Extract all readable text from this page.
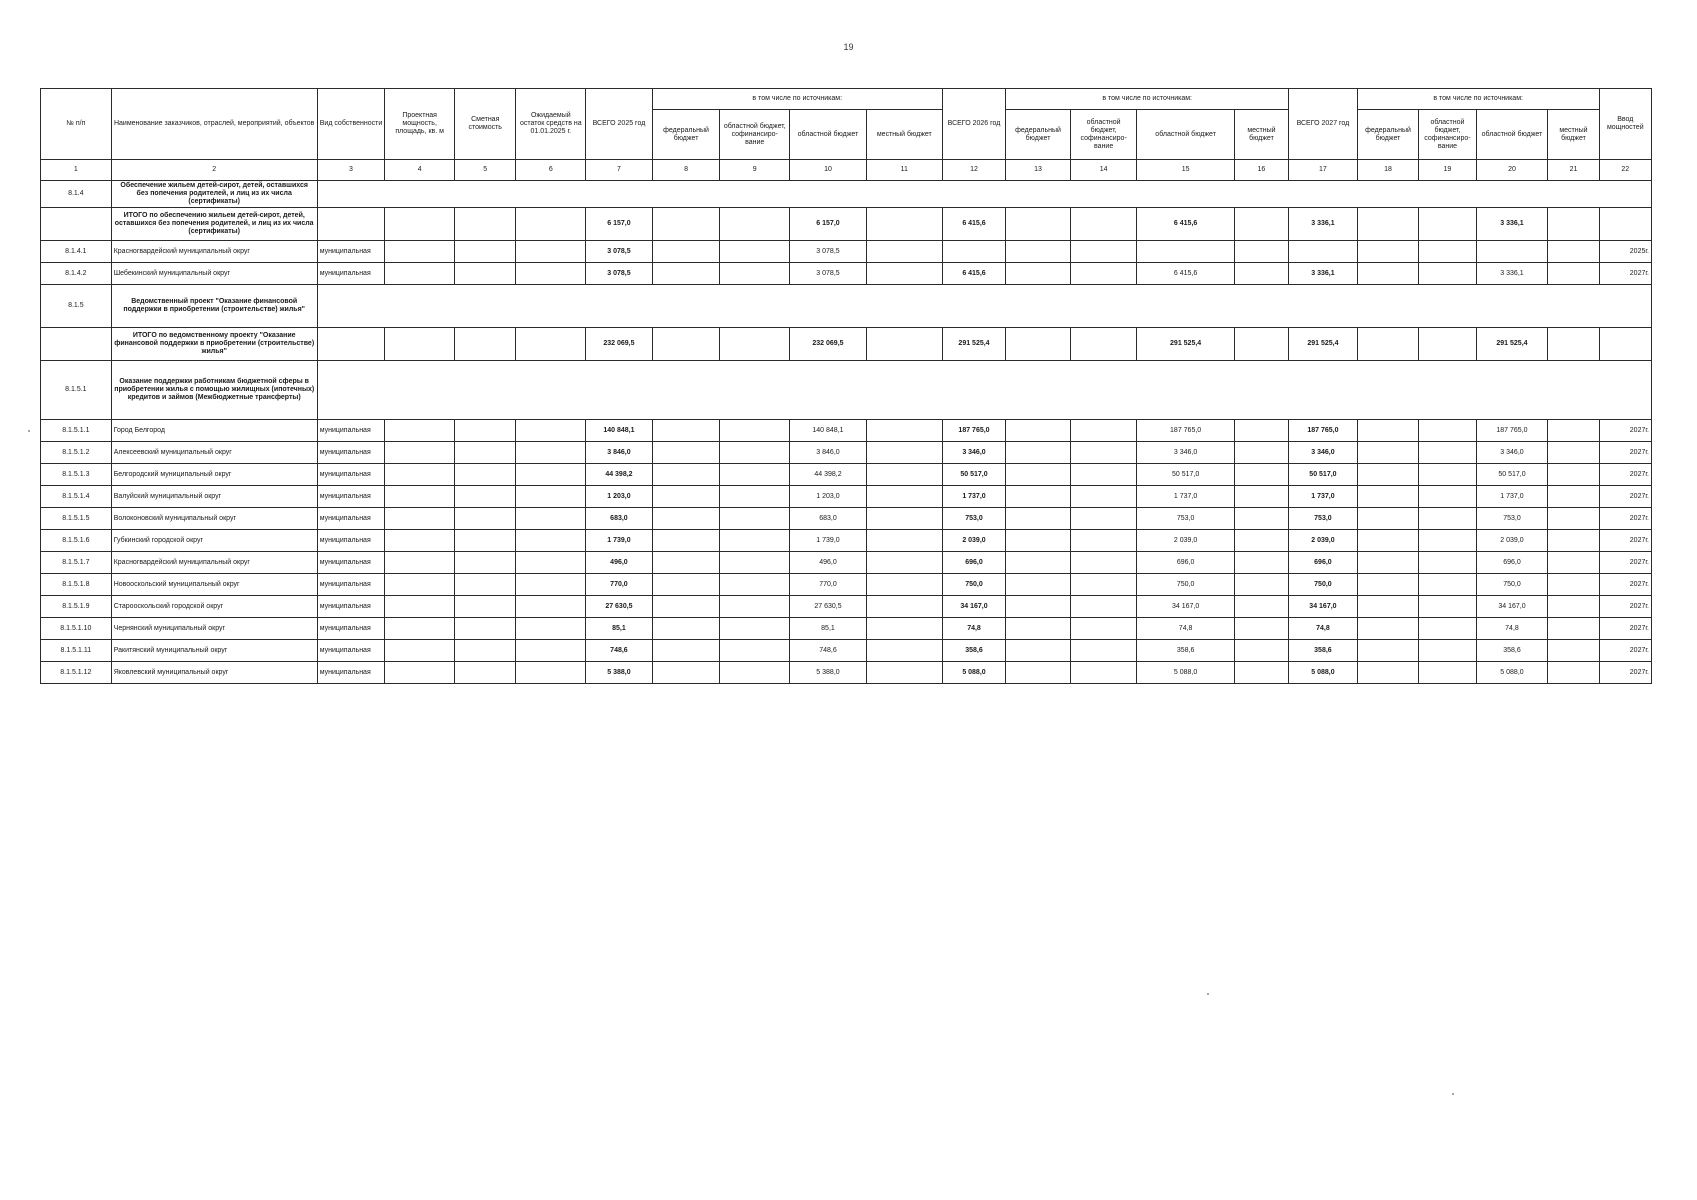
19
№ п/п	Наименование заказчиков, отраслей, мероприятий, объектов	Вид собственности	Проектная мощность, площадь, кв. м	Сметная стоимость	Ожидаемый остаток средств на 01.01.2025 г.	ВСЕГО 2025 год	в том числе по источникам:				ВСЕГО 2026 год	в том числе по источникам:				ВСЕГО 2027 год	в том числе по источникам:				Ввод мощностей
							федеральный бюджет	областной бюджет, софинансиро-вание	областной бюджет	местный бюджет		федеральный бюджет	областной бюджет, софинансиро-вание	областной бюджет	местный бюджет		федеральный бюджет	областной бюджет, софинансиро-вание	областной бюджет	местный бюджет	
1	2	3	4	5	6	7	8	9	10	11	12	13	14	15	16	17	18	19	20	21	22
8.1.4	Обеспечение жильем детей-сирот, детей, оставшихся без попечения родителей, и лиц из их числа (сертификаты)																				
	ИТОГО по обеспечению жильем детей-сирот, детей, оставшихся без попечения родителей, и лиц из их числа (сертификаты)					6 157,0			6 157,0		6 415,6			6 415,6		3 336,1			3 336,1		
8.1.4.1	Красногвардейский муниципальный округ	муниципальная				3 078,5			3 078,5												2025г.
8.1.4.2	Шебекинский муниципальный округ	муниципальная				3 078,5			3 078,5		6 415,6			6 415,6		3 336,1			3 336,1		2027г.
8.1.5	Ведомственный проект "Оказание финансовой поддержки в приобретении (строительстве) жилья"																				
	ИТОГО по ведомственному проекту "Оказание финансовой поддержки в приобретении (строительстве) жилья"					232 069,5			232 069,5		291 525,4			291 525,4		291 525,4			291 525,4		
8.1.5.1	Оказание поддержки работникам бюджетной сферы в приобретении жилья с помощью жилищных (ипотечных) кредитов и займов (Межбюджетные трансферты)																				
8.1.5.1.1	Город Белгород	муниципальная				140 848,1			140 848,1		187 765,0			187 765,0		187 765,0			187 765,0		2027г.
8.1.5.1.2	Алексеевский муниципальный округ	муниципальная				3 846,0			3 846,0		3 346,0			3 346,0		3 346,0			3 346,0		2027г.
8.1.5.1.3	Белгородский муниципальный округ	муниципальная				44 398,2			44 398,2		50 517,0			50 517,0		50 517,0			50 517,0		2027г.
8.1.5.1.4	Валуйский муниципальный округ	муниципальная				1 203,0			1 203,0		1 737,0			1 737,0		1 737,0			1 737,0		2027г.
8.1.5.1.5	Волоконовский муниципальный округ	муниципальная				683,0			683,0		753,0			753,0		753,0			753,0		2027г.
8.1.5.1.6	Губкинский городской округ	муниципальная				1 739,0			1 739,0		2 039,0			2 039,0		2 039,0			2 039,0		2027г.
8.1.5.1.7	Красногвардейский муниципальный округ	муниципальная				496,0			496,0		696,0			696,0		696,0			696,0		2027г.
8.1.5.1.8	Новооскольский муниципальный округ	муниципальная				770,0			770,0		750,0			750,0		750,0			750,0		2027г.
8.1.5.1.9	Старооскольский городской округ	муниципальная				27 630,5			27 630,5		34 167,0			34 167,0		34 167,0			34 167,0		2027г.
8.1.5.1.10	Чернянский муниципальный округ	муниципальная				85,1			85,1		74,8			74,8		74,8			74,8		2027г.
8.1.5.1.11	Ракитянский муниципальный округ	муниципальная				748,6			748,6		358,6			358,6		358,6			358,6		2027г.
8.1.5.1.12	Яковлевский муниципальный округ	муниципальная				5 388,0			5 388,0		5 088,0			5 088,0		5 088,0			5 088,0		2027г.
